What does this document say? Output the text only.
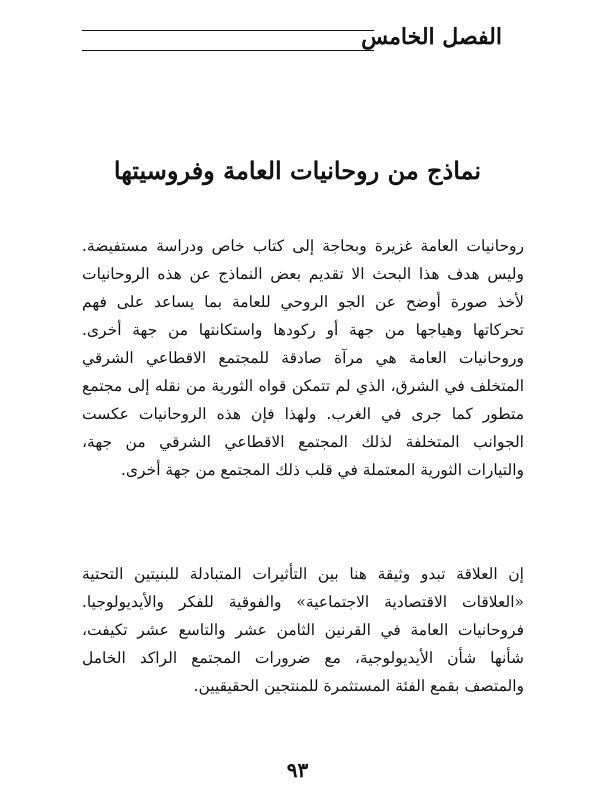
الفصل الخامس
نماذج من روحانيات العامة وفروسيتها

روحانيات العامة غزيرة وبحاجة إلى كتاب خاص ودراسة مستفيضة. وليس هدف هذا البحث الا تقديم بعض النماذج عن هذه الروحانيات لأخذ صورة أوضح عن الجو الروحي للعامة بما يساعد على فهم تحركاتها وهياجها من جهة أو ركودها واستكانتها من جهة أخرى. وروحانيات العامة هي مرآة صادقة للمجتمع الاقطاعي الشرقي المتخلف في الشرق، الذي لم تتمكن قواه الثورية من نقله إلى مجتمع متطور كما جرى في الغرب. ولهذا فإن هذه الروحانيات عكست الجوانب المتخلفة لذلك المجتمع الاقطاعي الشرقي من جهة، والتيارات الثورية المعتملة في قلب ذلك المجتمع من جهة أخرى.

إن العلاقة تبدو وثيقة هنا بين التأثيرات المتبادلة للبنيتين التحتية «العلاقات الاقتصادية الاجتماعية» والفوقية للفكر والأيديولوجيا. فروحانيات العامة في القرنين الثامن عشر والتاسع عشر تكيفت، شأنها شأن الأيديولوجية، مع ضرورات المجتمع الراكد الخامل والمتصف بقمع الفئة المستثمرة للمنتجين الحقيقيين.

٩٣
